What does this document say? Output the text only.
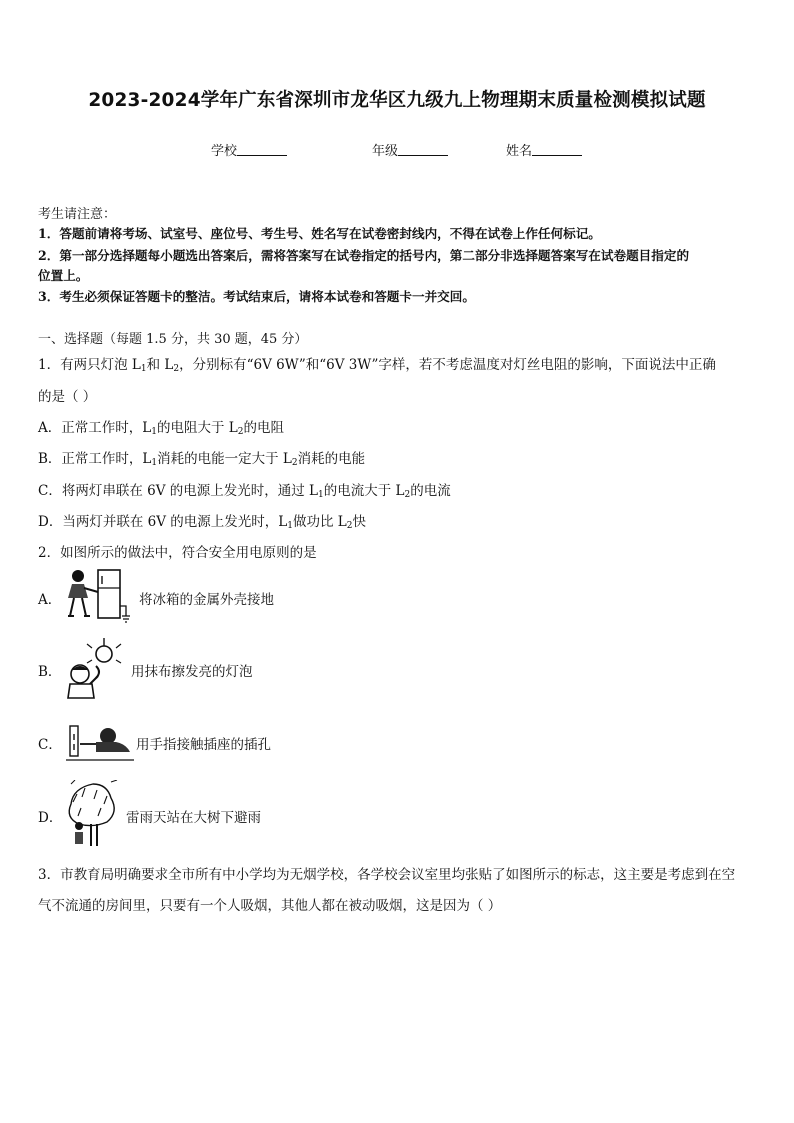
2023-2024学年广东省深圳市龙华区九级九上物理期末质量检测模拟试题
学校	年级	姓名
考生请注意：
1．答题前请将考场、试室号、座位号、考生号、姓名写在试卷密封线内，不得在试卷上作任何标记。
2．第一部分选择题每小题选出答案后，需将答案写在试卷指定的括号内，第二部分非选择题答案写在试卷题目指定的
位置上。
3．考生必须保证答题卡的整洁。考试结束后，请将本试卷和答题卡一并交回。
一、选择题（每题 1.5 分，共 30 题，45 分）
1．有两只灯泡 $L_1$和 $L_2$，分别标有“6V 6W”和“6V 3W”字样，若不考虑温度对灯丝电阻的影响，下面说法中正确
的是（ ）
A．正常工作时，$L_1$的电阻大于 $L_2$的电阻
B．正常工作时，$L_1$消耗的电能一定大于 $L_2$消耗的电能
C．将两灯串联在 6V 的电源上发光时，通过 $L_1$的电流大于 $L_2$的电流
D．当两灯并联在 6V 的电源上发光时，$L_1$做功比 $L_2$快
2．如图所示的做法中，符合安全用电原则的是
A．	将冰箱的金属外壳接地
B．	用抹布擦发亮的灯泡
C．	用手指接触插座的插孔
D．	雷雨天站在大树下避雨
3．市教育局明确要求全市所有中小学均为无烟学校，各学校会议室里均张贴了如图所示的标志，这主要是考虑到在空
气不流通的房间里，只要有一个人吸烟，其他人都在被动吸烟，这是因为（ ）
